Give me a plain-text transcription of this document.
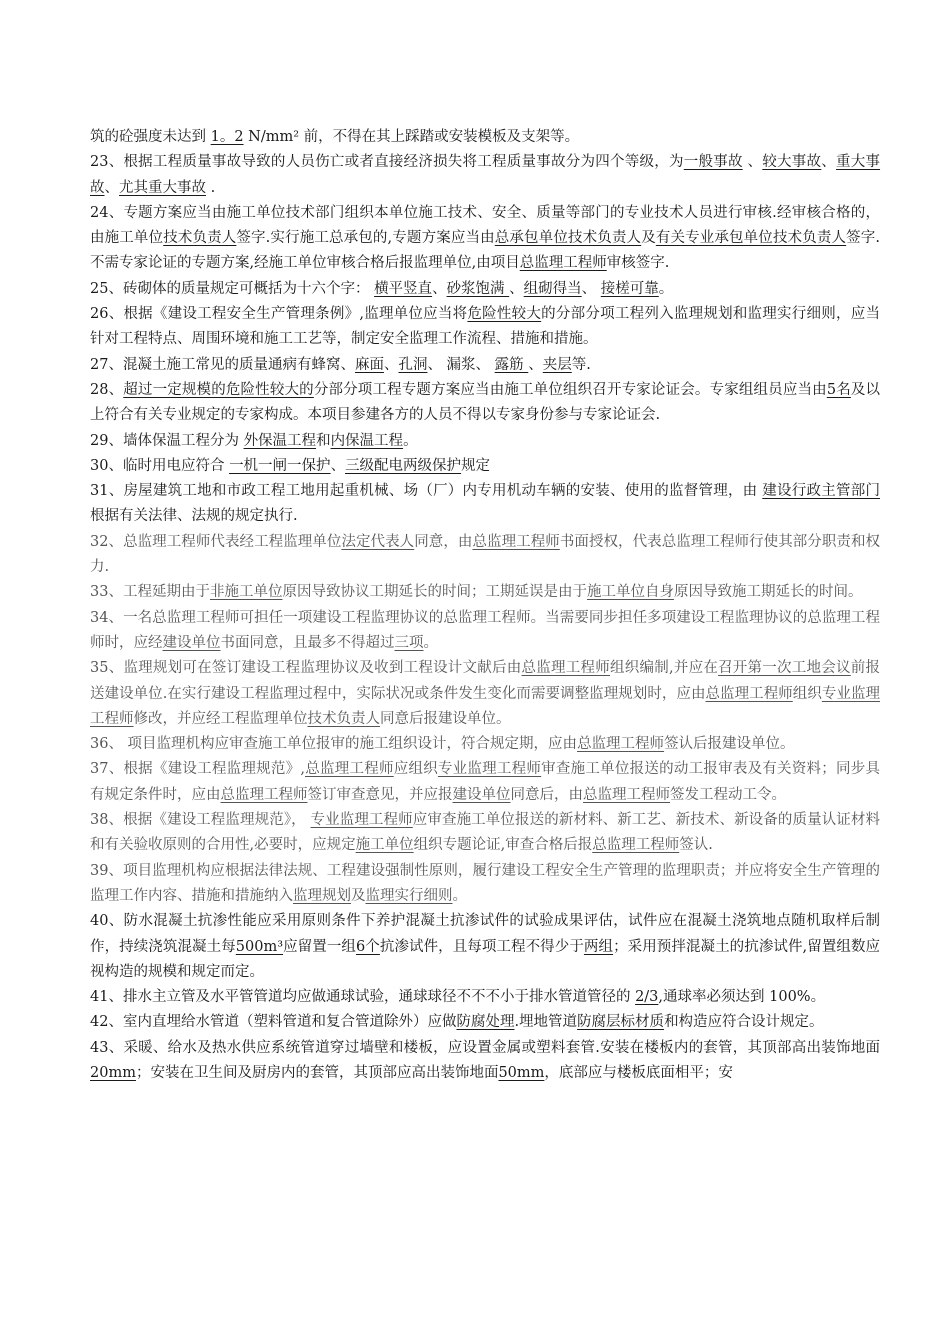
筑的砼强度未达到 1。2 N/mm² 前，不得在其上踩踏或安装模板及支架等。
23、根据工程质量事故导致的人员伤亡或者直接经济损失将工程质量事故分为四个等级，为一般事故 、较大事故、重大事故、尤其重大事故 .
24、专题方案应当由施工单位技术部门组织本单位施工技术、安全、质量等部门的专业技术人员进行审核.经审核合格的，由施工单位技术负责人签字.实行施工总承包的,专题方案应当由总承包单位技术负责人及有关专业承包单位技术负责人签字.不需专家论证的专题方案,经施工单位审核合格后报监理单位,由项目总监理工程师审核签字.
25、砖砌体的质量规定可概括为十六个字： 横平竖直、砂浆饱满 、组砌得当、 接槎可靠。
26、根据《建设工程安全生产管理条例》,监理单位应当将危险性较大的分部分项工程列入监理规划和监理实行细则，应当针对工程特点、周围环境和施工工艺等，制定安全监理工作流程、措施和措施。
27、混凝土施工常见的质量通病有蜂窝、麻面、孔洞、 漏浆、 露筋 、夹层等.
28、超过一定规模的危险性较大的分部分项工程专题方案应当由施工单位组织召开专家论证会。专家组组员应当由5名及以上符合有关专业规定的专家构成。本项目参建各方的人员不得以专家身份参与专家论证会.
29、墙体保温工程分为 外保温工程和内保温工程。
30、临时用电应符合 一机一闸一保护、三级配电两级保护规定
31、房屋建筑工地和市政工程工地用起重机械、场（厂）内专用机动车辆的安装、使用的监督管理，由 建设行政主管部门根据有关法律、法规的规定执行.
32、总监理工程师代表经工程监理单位法定代表人同意，由总监理工程师书面授权，代表总监理工程师行使其部分职责和权力.
33、工程延期由于非施工单位原因导致协议工期延长的时间；工期延误是由于施工单位自身原因导致施工期延长的时间。
34、一名总监理工程师可担任一项建设工程监理协议的总监理工程师。当需要同步担任多项建设工程监理协议的总监理工程师时，应经建设单位书面同意，且最多不得超过三项。
35、监理规划可在签订建设工程监理协议及收到工程设计文献后由总监理工程师组织编制,并应在召开第一次工地会议前报送建设单位.在实行建设工程监理过程中，实际状况或条件发生变化而需要调整监理规划时，应由总监理工程师组织专业监理工程师修改，并应经工程监理单位技术负责人同意后报建设单位。
36、 项目监理机构应审查施工单位报审的施工组织设计，符合规定期，应由总监理工程师签认后报建设单位。
37、根据《建设工程监理规范》,总监理工程师应组织专业监理工程师审查施工单位报送的动工报审表及有关资料；同步具有规定条件时，应由总监理工程师签订审查意见，并应报建设单位同意后，由总监理工程师签发工程动工令。
38、根据《建设工程监理规范》， 专业监理工程师应审查施工单位报送的新材料、新工艺、新技术、新设备的质量认证材料和有关验收原则的合用性,必要时，应规定施工单位组织专题论证,审查合格后报总监理工程师签认.
39、项目监理机构应根据法律法规、工程建设强制性原则，履行建设工程安全生产管理的监理职责；并应将安全生产管理的监理工作内容、措施和措施纳入监理规划及监理实行细则。
40、防水混凝土抗渗性能应采用原则条件下养护混凝土抗渗试件的试验成果评估，试件应在混凝土浇筑地点随机取样后制作，持续浇筑混凝土每500m³应留置一组6个抗渗试件，且每项工程不得少于两组；采用预拌混凝土的抗渗试件,留置组数应视构造的规模和规定而定。
41、排水主立管及水平管管道均应做通球试验，通球球径不不不小于排水管道管径的 2/3,通球率必须达到 100%。
42、室内直埋给水管道（塑料管道和复合管道除外）应做防腐处理.埋地管道防腐层标材质和构造应符合设计规定。
43、采暖、给水及热水供应系统管道穿过墙壁和楼板，应设置金属或塑料套管.安装在楼板内的套管，其顶部高出装饰地面20mm；安装在卫生间及厨房内的套管，其顶部应高出装饰地面50mm，底部应与楼板底面相平；安
